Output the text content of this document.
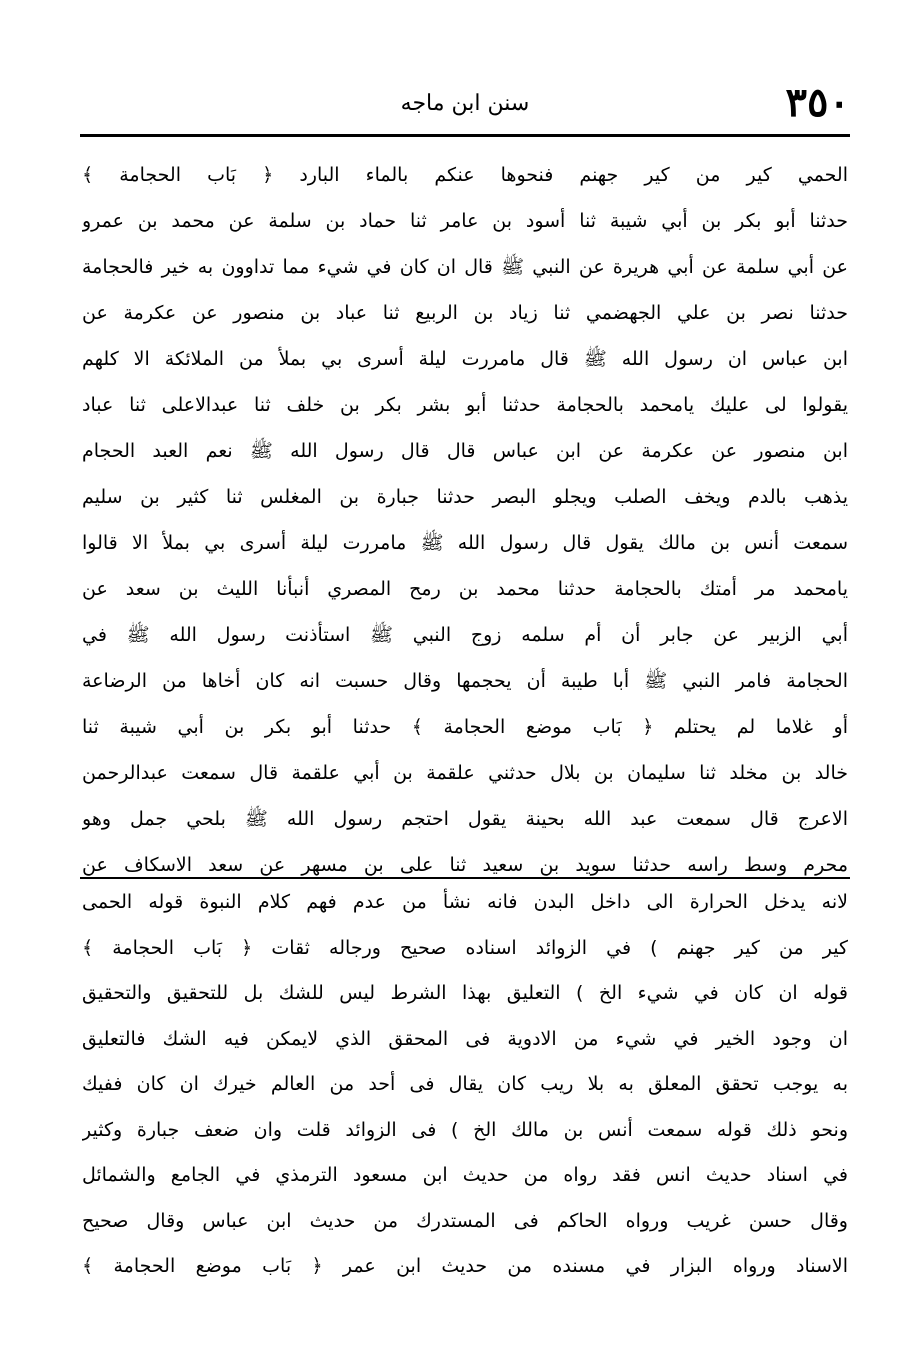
٣٥٠
سنن ابن ماجه
الحمي كير من كير جهنم فنحوها عنكم بالماء البارد ﴿ بَاب الحجامة ﴾
حدثنا أبو بكر بن أبي شيبة ثنا أسود بن عامر ثنا حماد بن سلمة عن محمد بن عمرو
عن أبي سلمة عن أبي هريرة عن النبي ﷺ قال ان كان في شيء مما تداوون به خير فالحجامة
حدثنا نصر بن علي الجهضمي ثنا زياد بن الربيع ثنا عباد بن منصور عن عكرمة عن
ابن عباس ان رسول الله ﷺ قال مامررت ليلة أسرى بي بملأ من الملائكة الا كلهم
يقولوا لى عليك يامحمد بالحجامة حدثنا أبو بشر بكر بن خلف ثنا عبدالاعلى ثنا عباد
ابن منصور عن عكرمة عن ابن عباس قال قال رسول الله ﷺ نعم العبد الحجام
يذهب بالدم ويخف الصلب ويجلو البصر حدثنا جبارة بن المغلس ثنا كثير بن سليم
سمعت أنس بن مالك يقول قال رسول الله ﷺ مامررت ليلة أسرى بي بملأ الا قالوا
يامحمد مر أمتك بالحجامة حدثنا محمد بن رمح المصري أنبأنا الليث بن سعد عن
أبي الزبير عن جابر أن أم سلمه زوج النبي ﷺ استأذنت رسول الله ﷺ في
الحجامة فامر النبي ﷺ أبا طيبة أن يحجمها وقال حسبت انه كان أخاها من الرضاعة
أو غلاما لم يحتلم ﴿ بَاب موضع الحجامة ﴾ حدثنا أبو بكر بن أبي شيبة ثنا
خالد بن مخلد ثنا سليمان بن بلال حدثني علقمة بن أبي علقمة قال سمعت عبدالرحمن
الاعرج قال سمعت عبد الله بحينة يقول احتجم رسول الله ﷺ بلحي جمل وهو
محرم وسط راسه حدثنا سويد بن سعيد ثنا على بن مسهر عن سعد الاسكاف عن
لانه يدخل الحرارة الى داخل البدن فانه نشأ من عدم فهم كلام النبوة قوله الحمى
كير من كير جهنم ) في الزوائد اسناده صحيح ورجاله ثقات ﴿ بَاب الحجامة ﴾
قوله ان كان في شيء الخ ) التعليق بهذا الشرط ليس للشك بل للتحقيق والتحقيق
ان وجود الخير في شيء من الادوية فى المحقق الذي لايمكن فيه الشك فالتعليق
به يوجب تحقق المعلق به بلا ريب كان يقال فى أحد من العالم خيرك ان كان ففيك
ونحو ذلك قوله سمعت أنس بن مالك الخ ) فى الزوائد قلت وان ضعف جبارة وكثير
في اسناد حديث انس فقد رواه من حديث ابن مسعود الترمذي في الجامع والشمائل
وقال حسن غريب ورواه الحاكم فى المستدرك من حديث ابن عباس وقال صحيح
الاسناد ورواه البزار في مسنده من حديث ابن عمر ﴿ بَاب موضع الحجامة ﴾
